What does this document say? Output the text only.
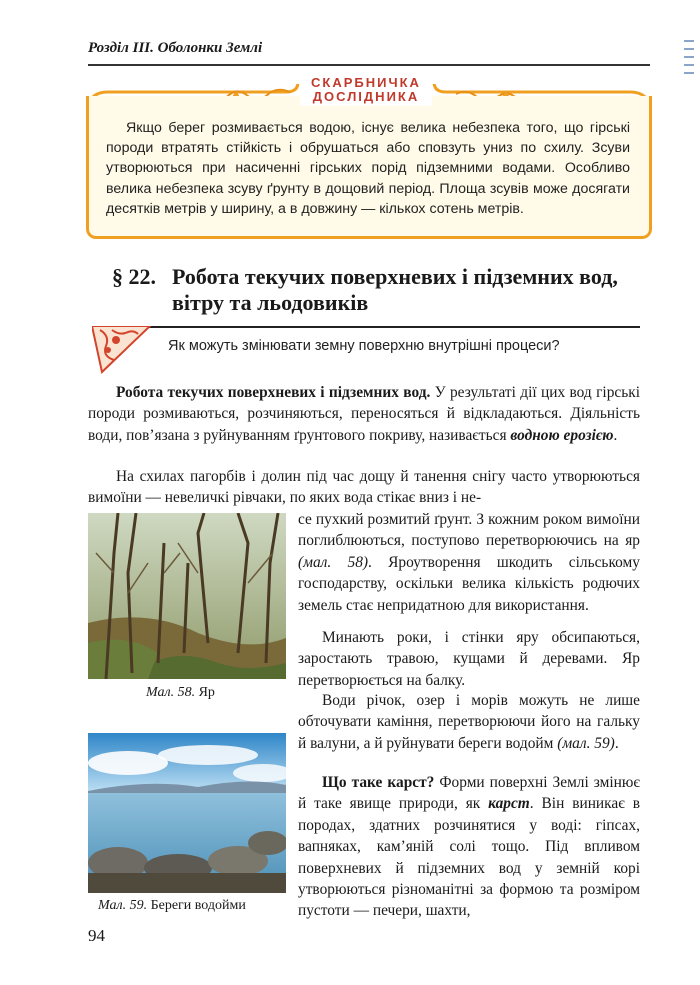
Розділ ІІІ. Оболонки Землі
СКАРБНИЧКА
ДОСЛІДНИКА
Якщо берег розмивається водою, існує велика небезпека того, що гірські породи втратять стійкість і обрушаться або сповзуть униз по схилу. Зсуви утворюються при насиченні гірських порід підземними водами. Особливо велика небезпека зсуву ґрунту в дощовий період. Площа зсувів може досягати десятків метрів у ширину, а в довжину — кількох сотень метрів.
§ 22. Робота текучих поверхневих і підземних вод,
вітру та льодовиків
Як можуть змінювати земну поверхню внутрішні процеси?
Робота текучих поверхневих і підземних вод. У результаті дії цих вод гірські породи розмиваються, розчиняються, переносяться й відкладаються. Діяльність води, пов’язана з руйнуванням ґрунтового покриву, називається водною ерозією.
На схилах пагорбів і долин під час дощу й танення снігу часто утворюються вимоїни — невеличкі рівчаки, по яких вода стікає вниз і не-
се пухкий розмитий ґрунт. З кожним роком вимоїни поглиблюються, поступово перетворюючись на яр (мал. 58). Яроутворення шкодить сільському господарству, оскільки велика кількість родючих земель стає непридатною для використання.
Минають роки, і стінки яру обсипаються, заростають травою, кущами й деревами. Яр перетворюється на балку.
Води річок, озер і морів можуть не лише обточувати каміння, перетворюючи його на гальку й валуни, а й руйнувати береги водойм (мал. 59).
Що таке карст? Форми поверхні Землі змінює й таке явище природи, як карст. Він виникає в породах, здатних розчинятися у воді: гіпсах, вапняках, кам’яній солі тощо. Під впливом поверхневих й підземних вод у земній корі утворюються різноманітні за формою та розміром пустоти — печери, шахти,
Мал. 58. Яр
Мал. 59. Береги водойми
94
